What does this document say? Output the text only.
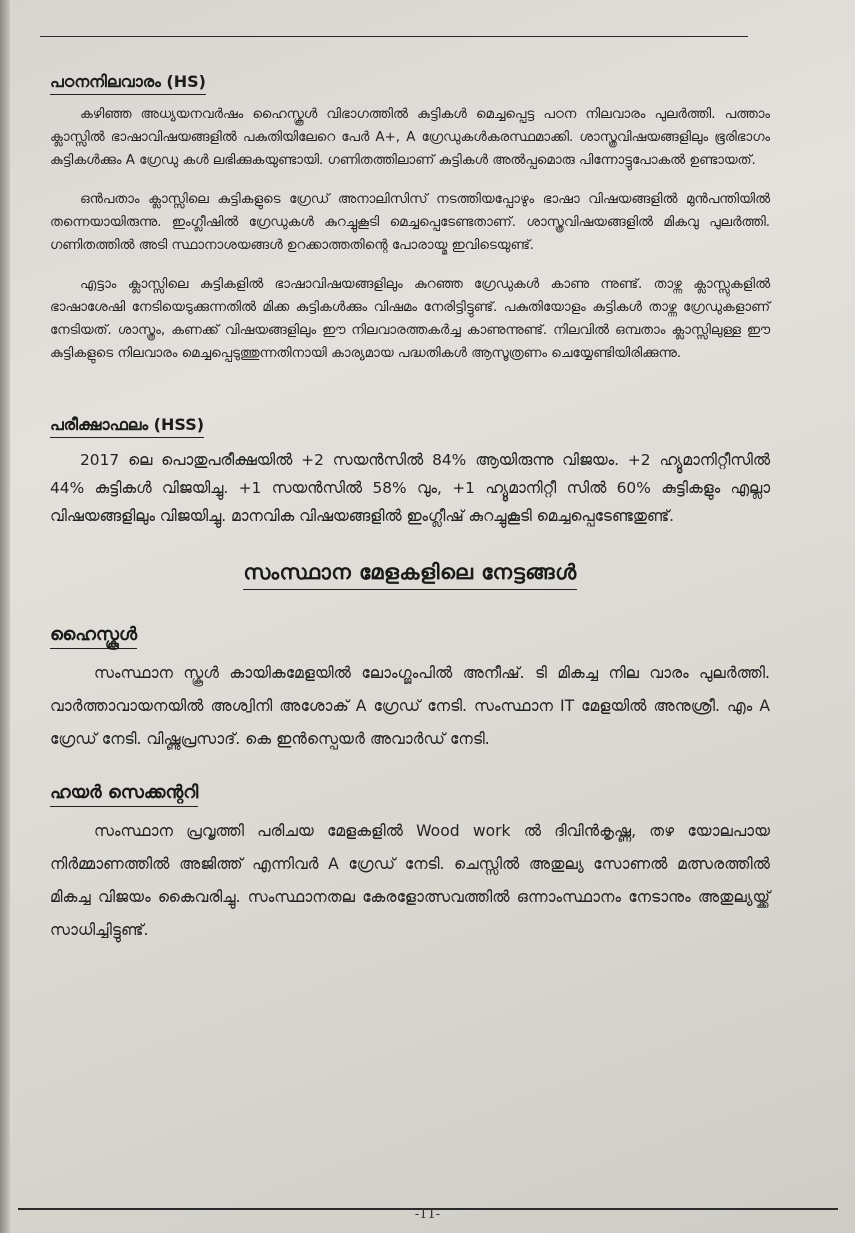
പഠനനിലവാരം (HS)

കഴിഞ്ഞ അധ്യയനവർഷം ഹൈസ്കൂൾ വിഭാഗത്തിൽ കുട്ടികൾ മെച്ചപ്പെട്ട പഠന നിലവാരം പുലർത്തി. പത്താം ക്ലാസ്സിൽ ഭാഷാവിഷയങ്ങളിൽ പകുതിയിലേറെ പേർ A+, A ഗ്രേഡുകൾകരസ്ഥമാക്കി. ശാസ്ത്രവിഷയങ്ങളിലും ഭൂരിഭാഗം കുട്ടികൾക്കും A ഗ്രേഡു കൾ ലഭിക്കുകയുണ്ടായി. ഗണിതത്തിലാണ് കുട്ടികൾ അൽപ്പമൊരു പിന്നോട്ടുപോകൽ ഉണ്ടായത്.

ഒൻപതാം ക്ലാസ്സിലെ കുട്ടികളുടെ ഗ്രേഡ് അനാലിസിസ് നടത്തിയപ്പോഴും ഭാഷാ വിഷയങ്ങളിൽ മുൻപന്തിയിൽ തന്നെയായിരുന്നു. ഇംഗ്ലീഷിൽ ഗ്രേഡുകൾ കുറച്ചുകൂടി മെച്ചപ്പെടേണ്ടതാണ്. ശാസ്ത്രവിഷയങ്ങളിൽ മികവു പുലർത്തി. ഗണിതത്തിൽ അടി സ്ഥാനാശയങ്ങൾ ഉറക്കാത്തതിന്റെ പോരായ്മ ഇവിടെയുണ്ട്.

എട്ടാം ക്ലാസ്സിലെ കുട്ടികളിൽ ഭാഷാവിഷയങ്ങളിലും കുറഞ്ഞ ഗ്രേഡുകൾ കാണു ന്നുണ്ട്. താഴ്ന്ന ക്ലാസ്സുകളിൽ ഭാഷാശേഷി നേടിയെടുക്കുന്നതിൽ മിക്ക കുട്ടികൾക്കും വിഷമം നേരിട്ടിട്ടുണ്ട്. പകുതിയോളം കുട്ടികൾ താഴ്ന്ന ഗ്രേഡുകളാണ് നേടിയത്. ശാസ്ത്രം, കണക്ക് വിഷയങ്ങളിലും ഈ നിലവാരത്തകർച്ച കാണുന്നുണ്ട്. നിലവിൽ ഒമ്പതാം ക്ലാസ്സിലുള്ള ഈ കുട്ടികളുടെ നിലവാരം മെച്ചപ്പെടുത്തുന്നതിനായി കാര്യമായ പദ്ധതികൾ ആസൂത്രണം ചെയ്യേണ്ടിയിരിക്കുന്നു.

പരീക്ഷാഫലം (HSS)

2017 ലെ പൊതുപരീക്ഷയിൽ +2 സയൻസിൽ 84% ആയിരുന്നു വിജയം. +2 ഹ്യൂമാനിറ്റീസിൽ 44% കുട്ടികൾ വിജയിച്ചു. +1 സയൻസിൽ 58% വും, +1 ഹ്യൂമാനിറ്റീ സിൽ 60% കുട്ടികളും എല്ലാ വിഷയങ്ങളിലും വിജയിച്ചു. മാനവിക വിഷയങ്ങളിൽ ഇംഗ്ലീഷ് കുറച്ചുകൂടി മെച്ചപ്പെടേണ്ടതുണ്ട്.

സംസ്ഥാന മേളകളിലെ നേട്ടങ്ങൾ
ഹൈസ്കൂൾ

സംസ്ഥാന സ്കൂൾ കായികമേളയിൽ ലോംഗ്ജംപിൽ അനീഷ്. ടി മികച്ച നില വാരം പുലർത്തി. വാർത്താവായനയിൽ അശ്വിനി അശോക് A ഗ്രേഡ് നേടി. സംസ്ഥാന IT മേളയിൽ അനുശ്രീ. എം A ഗ്രേഡ് നേടി. വിഷ്ണുപ്രസാദ്. കെ ഇൻസ്പെയർ അവാർഡ് നേടി.

ഹയർ സെക്കന്ററി

സംസ്ഥാന പ്രവൃത്തി പരിചയ മേളകളിൽ Wood work ൽ ദിവിൻകൃഷ്ണ, തഴ യോലപായ നിർമ്മാണത്തിൽ അജിത്ത് എന്നിവർ A ഗ്രേഡ് നേടി. ചെസ്സിൽ അതുല്യ സോണൽ മത്സരത്തിൽ മികച്ച വിജയം കൈവരിച്ചു. സംസ്ഥാനതല കേരളോത്സവത്തിൽ ഒന്നാംസ്ഥാനം നേടാനും അതുല്യയ്ക്ക് സാധിച്ചിട്ടുണ്ട്.

-11-
